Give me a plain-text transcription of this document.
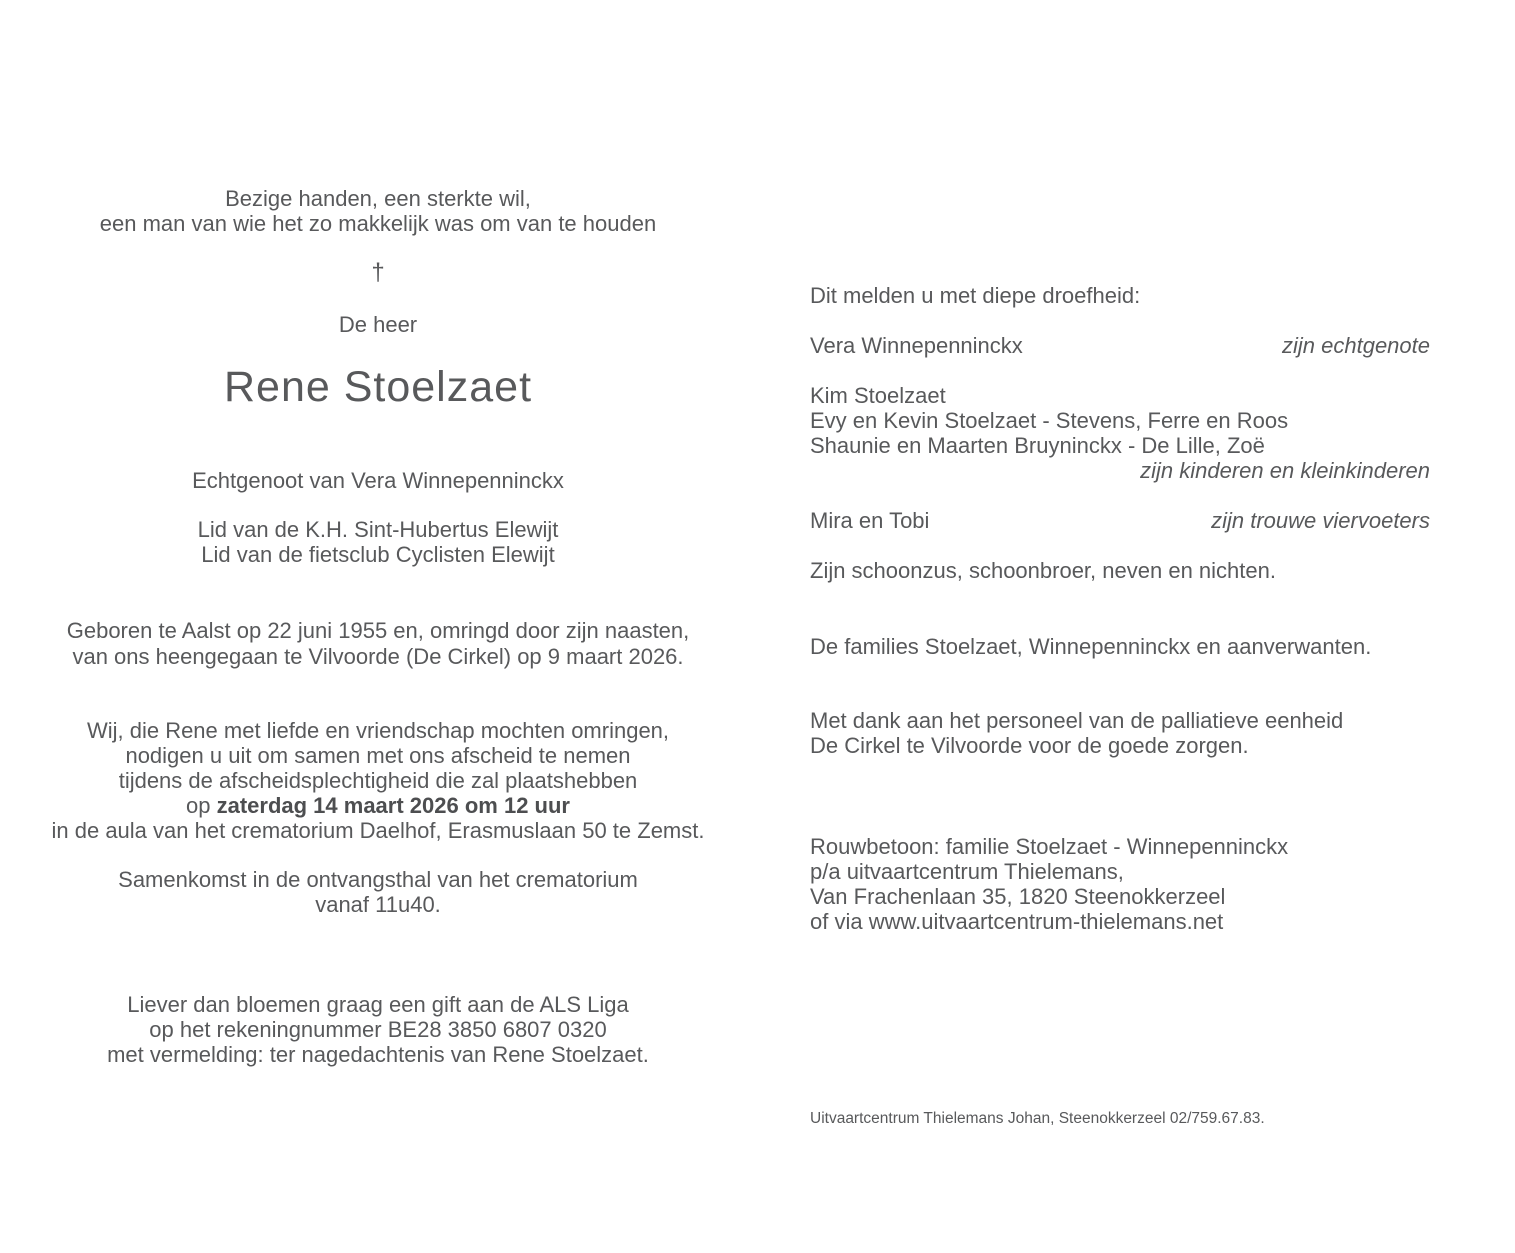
Bezige handen, een sterkte wil,
een man van wie het zo makkelijk was om van te houden
†
De heer
Rene Stoelzaet
Echtgenoot van Vera Winnepenninckx
Lid van de K.H. Sint-Hubertus Elewijt
Lid van de fietsclub Cyclisten Elewijt
Geboren te Aalst op 22 juni 1955 en, omringd door zijn naasten,
van ons heengegaan te Vilvoorde (De Cirkel) op 9 maart 2026.
Wij, die Rene met liefde en vriendschap mochten omringen,
nodigen u uit om samen met ons afscheid te nemen
tijdens de afscheidsplechtigheid die zal plaatshebben
op zaterdag 14 maart 2026 om 12 uur
in de aula van het crematorium Daelhof, Erasmuslaan 50 te Zemst.
Samenkomst in de ontvangsthal van het crematorium
vanaf 11u40.
Liever dan bloemen graag een gift aan de ALS Liga
op het rekeningnummer BE28 3850 6807 0320
met vermelding: ter nagedachtenis van Rene Stoelzaet.
Dit melden u met diepe droefheid:
Vera Winnepenninckx	zijn echtgenote
Kim Stoelzaet
Evy en Kevin Stoelzaet - Stevens, Ferre en Roos
Shaunie en Maarten Bruyninckx - De Lille, Zoë
zijn kinderen en kleinkinderen
Mira en Tobi	zijn trouwe viervoeters
Zijn schoonzus, schoonbroer, neven en nichten.
De families Stoelzaet, Winnepenninckx en aanverwanten.
Met dank aan het personeel van de palliatieve eenheid
De Cirkel te Vilvoorde voor de goede zorgen.
Rouwbetoon: familie Stoelzaet - Winnepenninckx
p/a uitvaartcentrum Thielemans,
Van Frachenlaan 35, 1820 Steenokkerzeel
of via www.uitvaartcentrum-thielemans.net
Uitvaartcentrum Thielemans Johan, Steenokkerzeel 02/759.67.83.
